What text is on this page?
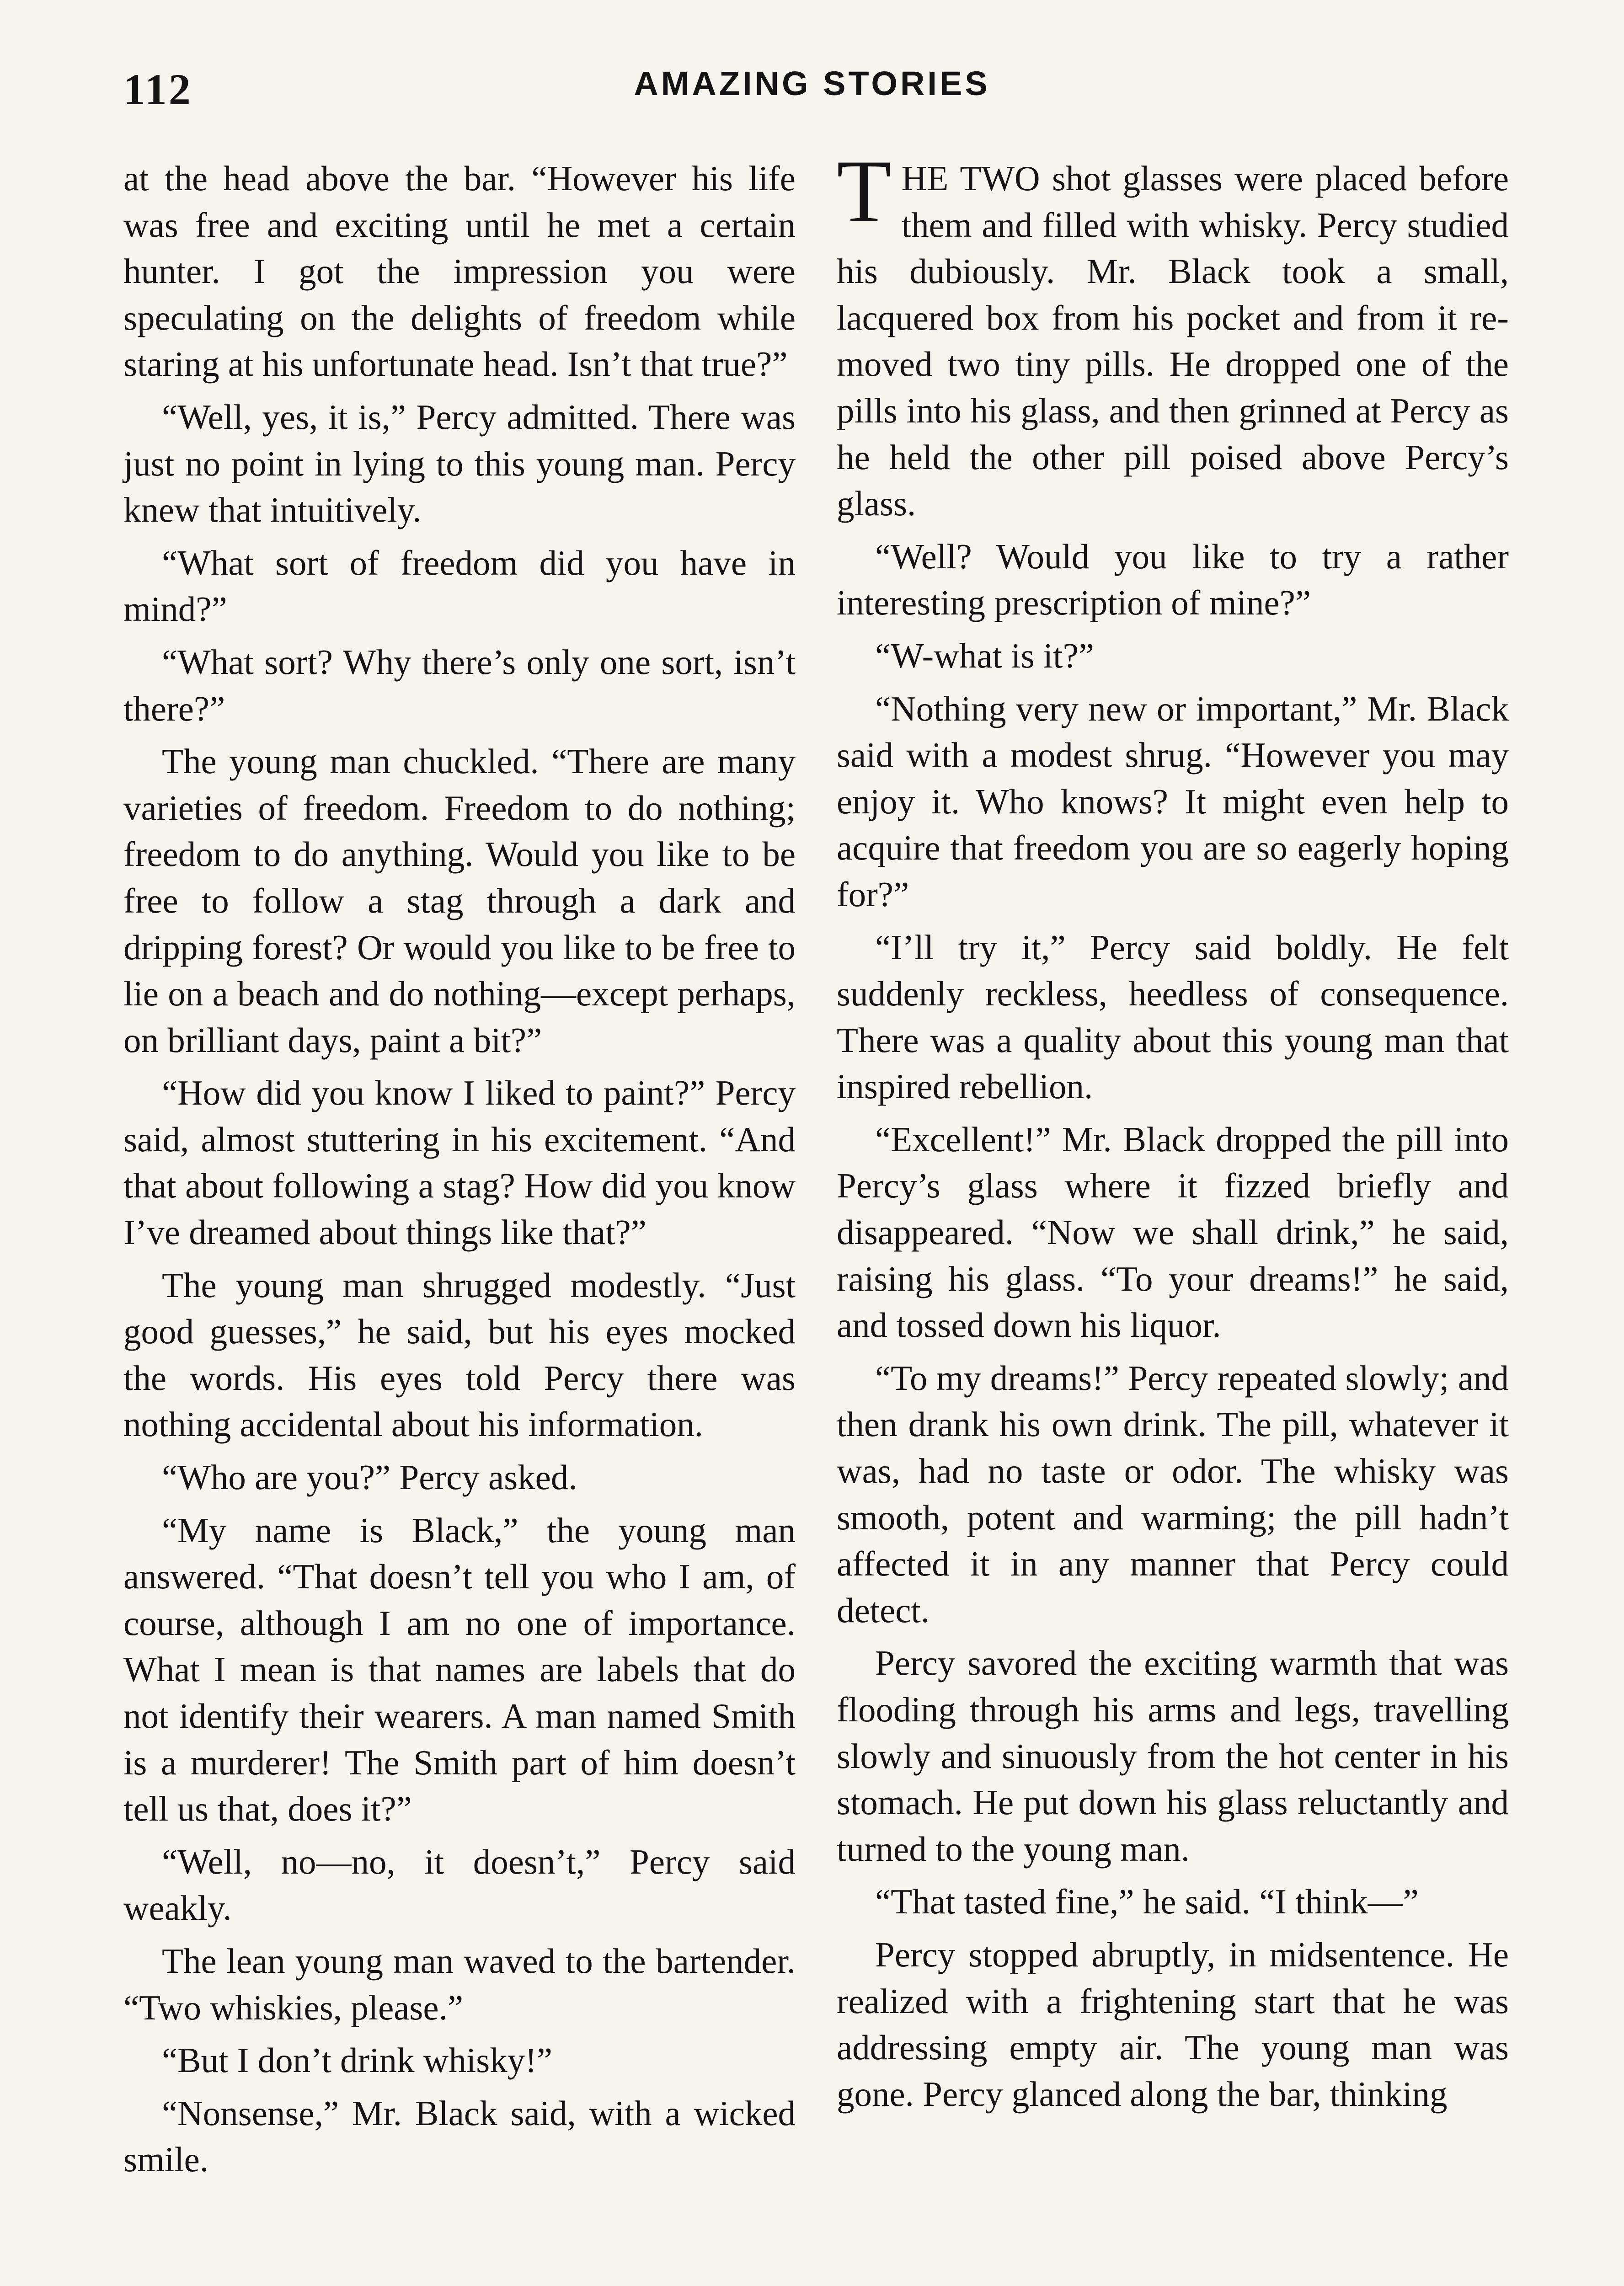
112	AMAZING STORIES

at the head above the bar. “However his life was free and exciting until he met a certain hunter. I got the impression you were speculating on the delights of freedom while staring at his unfortunate head. Isn’t that true?”

“Well, yes, it is,” Percy admitted. There was just no point in lying to this young man. Percy knew that intuitively.

“What sort of freedom did you have in mind?”

“What sort? Why there’s only one sort, isn’t there?”

The young man chuckled. “There are many varieties of freedom. Freedom to do nothing; freedom to do anything. Would you like to be free to follow a stag through a dark and dripping forest? Or would you like to be free to lie on a beach and do nothing—except perhaps, on brilliant days, paint a bit?”

“How did you know I liked to paint?” Percy said, almost stuttering in his excitement. “And that about following a stag? How did you know I’ve dreamed about things like that?”

The young man shrugged modestly. “Just good guesses,” he said, but his eyes mocked the words. His eyes told Percy there was nothing accidental about his information.

“Who are you?” Percy asked.

“My name is Black,” the young man answered. “That doesn’t tell you who I am, of course, although I am no one of importance. What I mean is that names are labels that do not identify their wearers. A man named Smith is a murderer! The Smith part of him doesn’t tell us that, does it?”

“Well, no—no, it doesn’t,” Percy said weakly.

The lean young man waved to the bartender. “Two whiskies, please.”

“But I don’t drink whisky!”

“Nonsense,” Mr. Black said, with a wicked smile.

THE TWO shot glasses were placed before them and filled with whisky. Percy studied his dubiously. Mr. Black took a small, lacquered box from his pocket and from it removed two tiny pills. He dropped one of the pills into his glass, and then grinned at Percy as he held the other pill poised above Percy’s glass.

“Well? Would you like to try a rather interesting prescription of mine?”

“W-what is it?”

“Nothing very new or important,” Mr. Black said with a modest shrug. “However you may enjoy it. Who knows? It might even help to acquire that freedom you are so eagerly hoping for?”

“I’ll try it,” Percy said boldly. He felt suddenly reckless, heedless of consequence. There was a quality about this young man that inspired rebellion.

“Excellent!” Mr. Black dropped the pill into Percy’s glass where it fizzed briefly and disappeared. “Now we shall drink,” he said, raising his glass. “To your dreams!” he said, and tossed down his liquor.

“To my dreams!” Percy repeated slowly; and then drank his own drink. The pill, whatever it was, had no taste or odor. The whisky was smooth, potent and warming; the pill hadn’t affected it in any manner that Percy could detect.

Percy savored the exciting warmth that was flooding through his arms and legs, travelling slowly and sinuously from the hot center in his stomach. He put down his glass reluctantly and turned to the young man.

“That tasted fine,” he said. “I think—”

Percy stopped abruptly, in midsentence. He realized with a frightening start that he was addressing empty air. The young man was gone. Percy glanced along the bar, thinking
